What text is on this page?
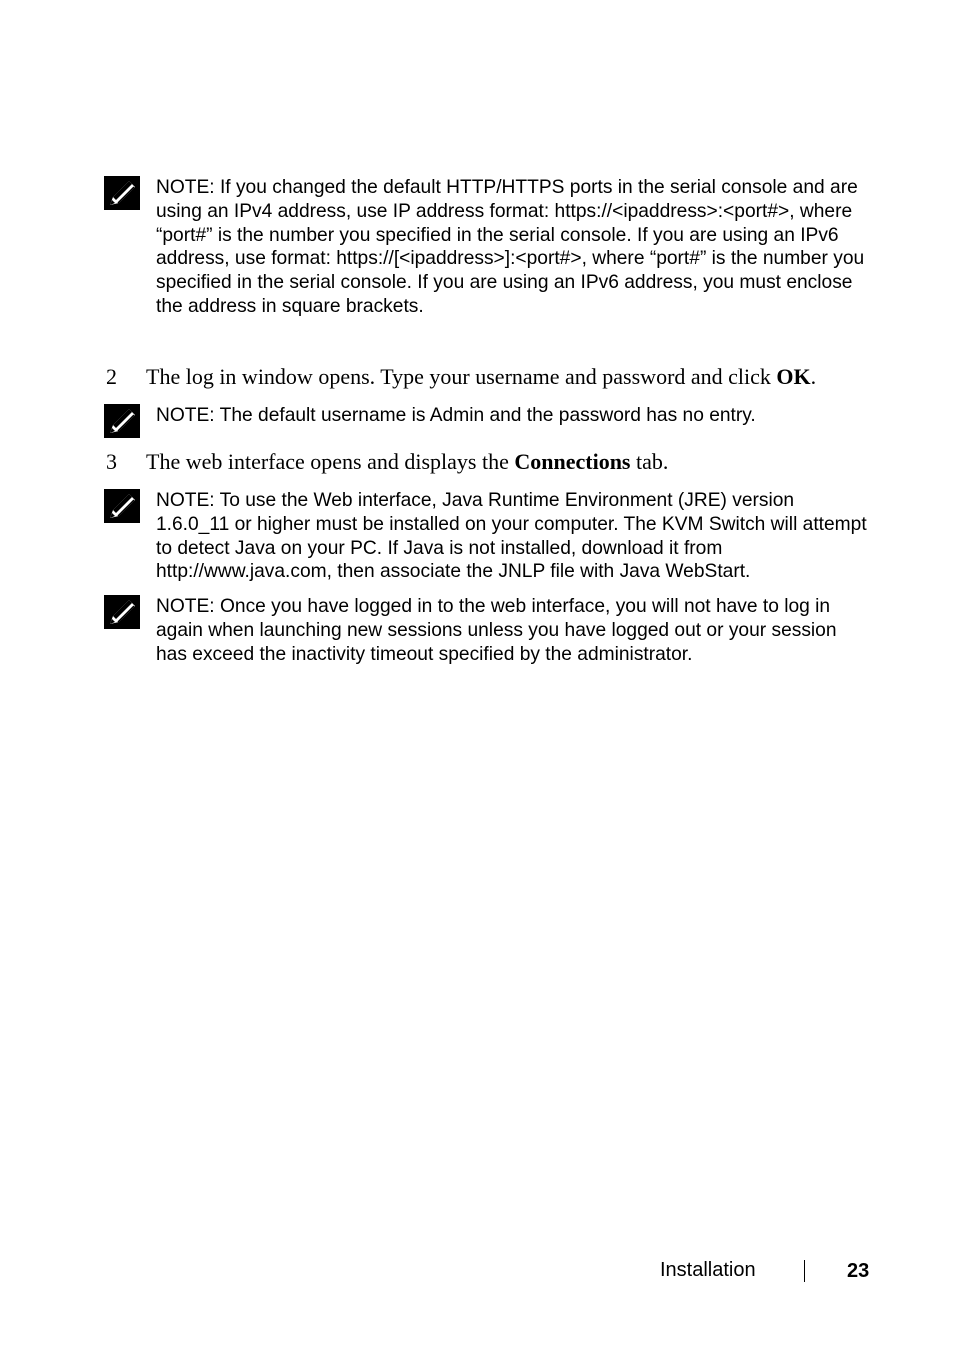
NOTE: If you changed the default HTTP/HTTPS ports in the serial console and are using an IPv4 address, use IP address format: https://<ipaddress>:<port#>, where “port#” is the number you specified in the serial console. If you are using an IPv6 address, use format: https://[<ipaddress>]:<port#>, where “port#” is the number you specified in the serial console. If you are using an IPv6 address, you must enclose the address in square brackets.

2 The log in window opens. Type your username and password and click OK.

NOTE: The default username is Admin and the password has no entry.

3 The web interface opens and displays the Connections tab.

NOTE: To use the Web interface, Java Runtime Environment (JRE) version 1.6.0_11 or higher must be installed on your computer. The KVM Switch will attempt to detect Java on your PC. If Java is not installed, download it from http://www.java.com, then associate the JNLP file with Java WebStart.

NOTE: Once you have logged in to the web interface, you will not have to log in again when launching new sessions unless you have logged out or your session has exceed the inactivity timeout specified by the administrator.

Installation	23
